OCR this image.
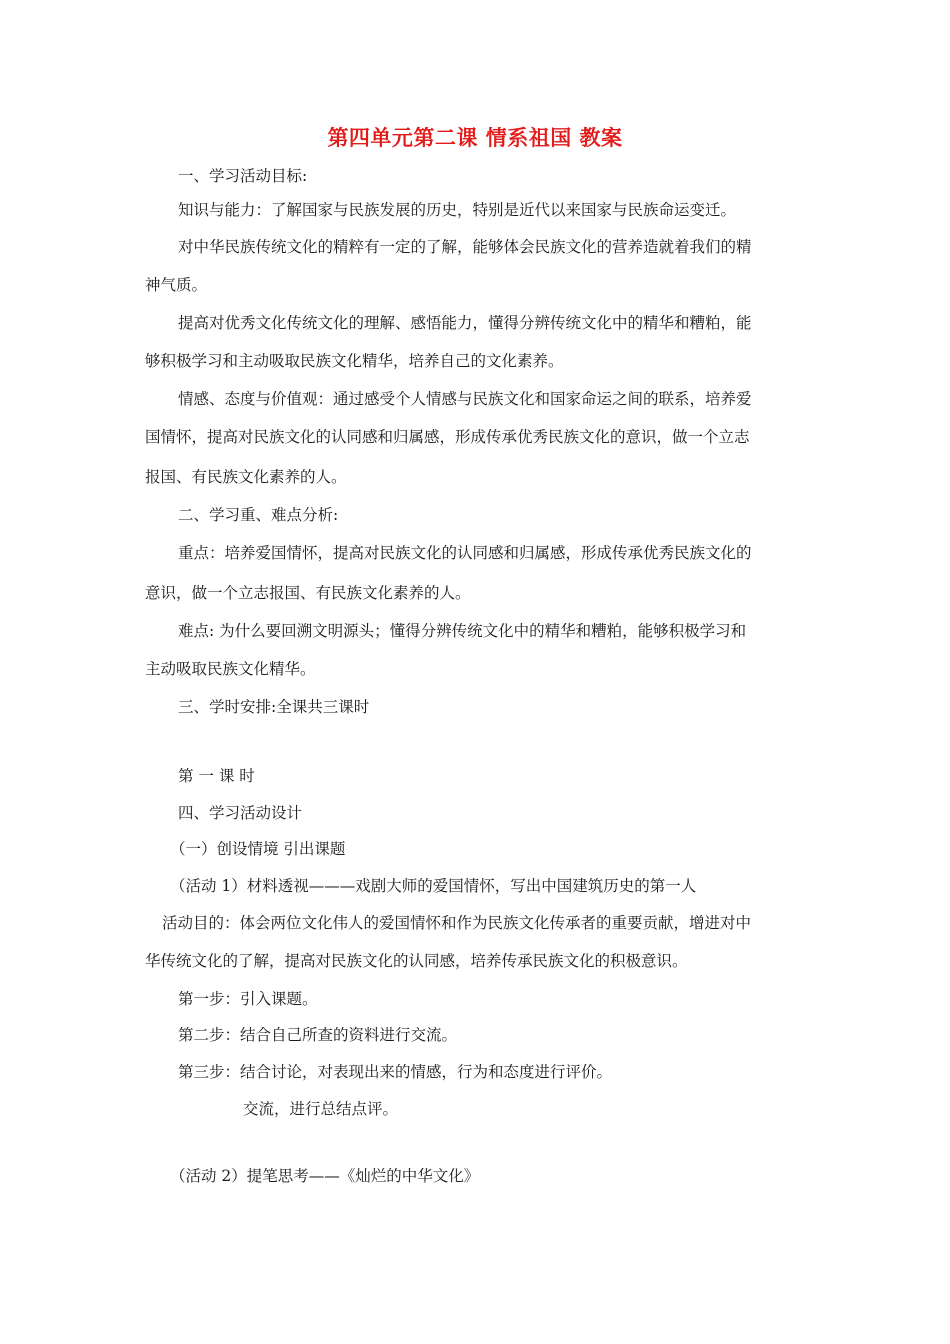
第四单元第二课 情系祖国 教案
一、学习活动目标:
知识与能力：了解国家与民族发展的历史，特别是近代以来国家与民族命运变迁。
对中华民族传统文化的精粹有一定的了解，能够体会民族文化的营养造就着我们的精
神气质。
提高对优秀文化传统文化的理解、感悟能力，懂得分辨传统文化中的精华和糟粕，能
够积极学习和主动吸取民族文化精华，培养自己的文化素养。
情感、态度与价值观：通过感受个人情感与民族文化和国家命运之间的联系，培养爱
国情怀，提高对民族文化的认同感和归属感，形成传承优秀民族文化的意识，做一个立志
报国、有民族文化素养的人。
二、学习重、难点分析:
重点：培养爱国情怀，提高对民族文化的认同感和归属感，形成传承优秀民族文化的
意识，做一个立志报国、有民族文化素养的人。
难点: 为什么要回溯文明源头；懂得分辨传统文化中的精华和糟粕，能够积极学习和
主动吸取民族文化精华。
三、学时安排:全课共三课时
第 一 课 时
四、学习活动设计
（一）创设情境 引出课题
（活动 1）材料透视———戏剧大师的爱国情怀，写出中国建筑历史的第一人
活动目的：体会两位文化伟人的爱国情怀和作为民族文化传承者的重要贡献，增进对中
华传统文化的了解，提高对民族文化的认同感，培养传承民族文化的积极意识。
第一步：引入课题。
第二步：结合自己所查的资料进行交流。
第三步：结合讨论，对表现出来的情感，行为和态度进行评价。
交流，进行总结点评。
（活动 2）提笔思考——《灿烂的中华文化》
